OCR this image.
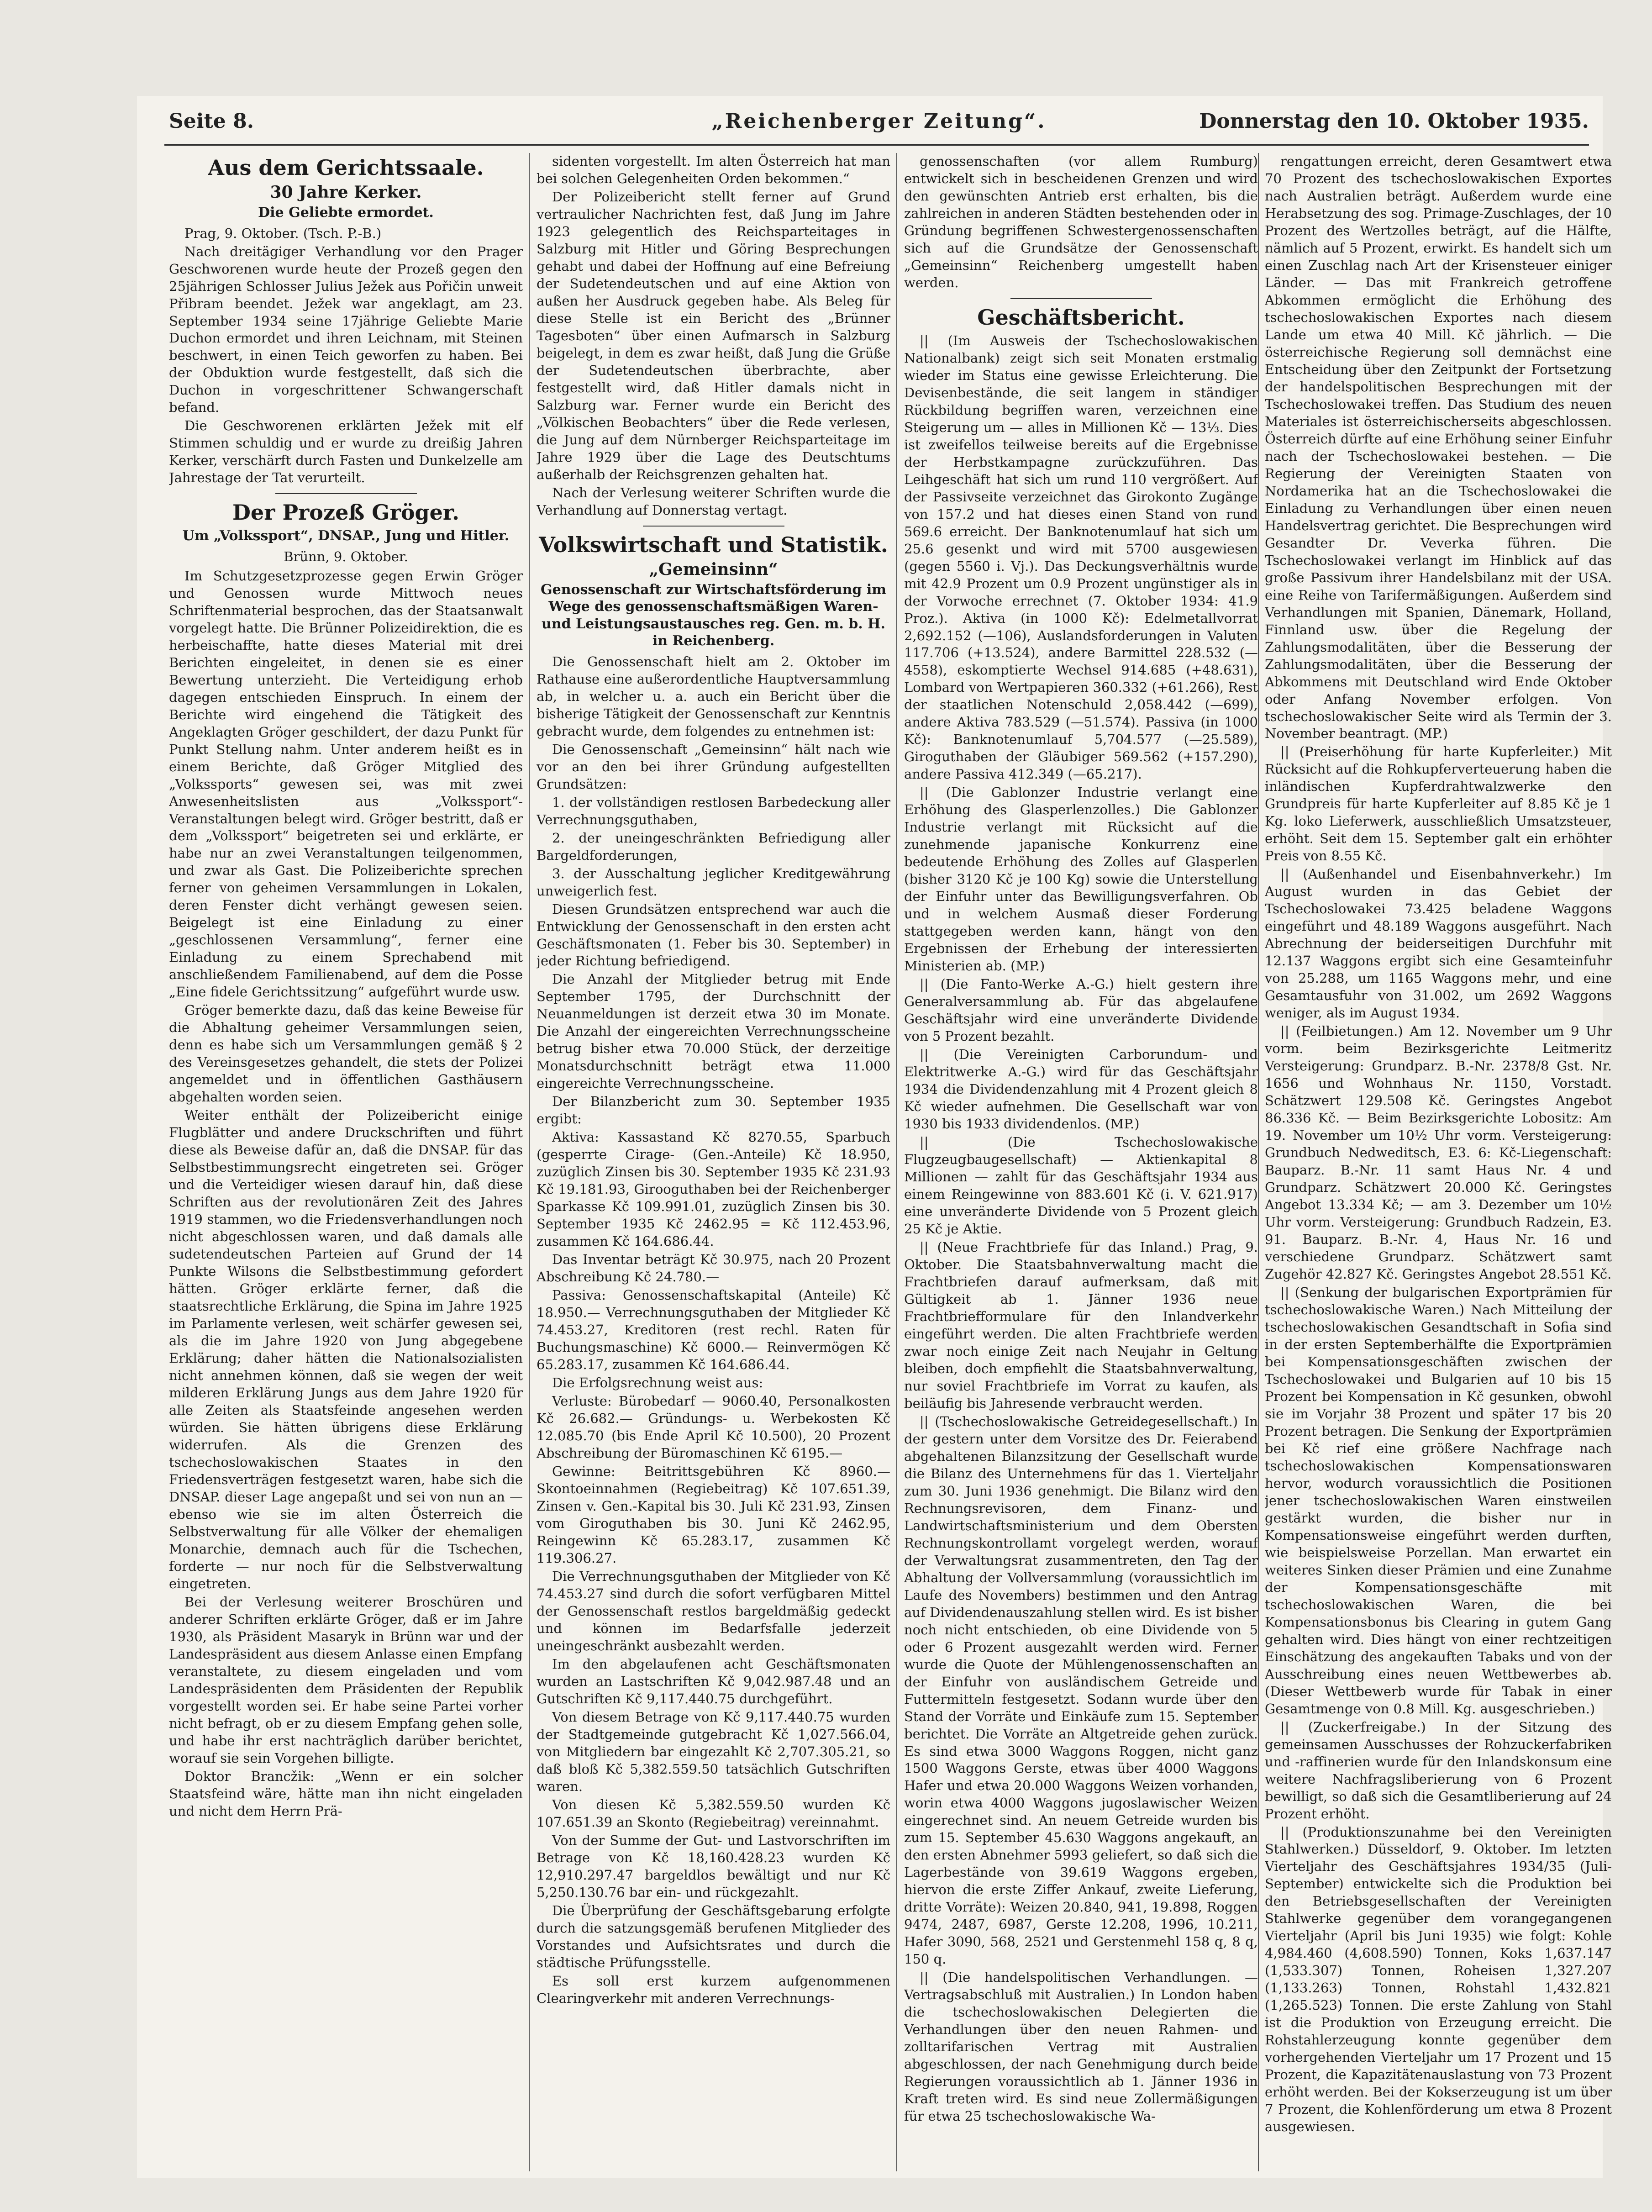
Seite 8.	„Reichenberger Zeitung“.	Donnerstag den 10. Oktober 1935.
Aus dem Gerichtssaale.
30 Jahre Kerker.
Die Geliebte ermordet.

Prag, 9. Oktober. (Tsch. P.-B.)

Nach dreitägiger Verhandlung vor den Prager Geschworenen wurde heute der Prozeß gegen den 25jährigen Schlosser Julius Ježek aus Pořičin unweit Přibram beendet. Ježek war angeklagt, am 23. September 1934 seine 17jährige Geliebte Marie Duchon ermordet und ihren Leichnam, mit Steinen beschwert, in einen Teich geworfen zu haben. Bei der Obduktion wurde festgestellt, daß sich die Duchon in vorgeschrittener Schwangerschaft befand.

Die Geschworenen erklärten Ježek mit elf Stimmen schuldig und er wurde zu dreißig Jahren Kerker, verschärft durch Fasten und Dunkelzelle am Jahrestage der Tat verurteilt.

Der Prozeß Gröger.
Um „Volkssport“, DNSAP., Jung und Hitler.
Brünn, 9. Oktober.

Im Schutzgesetzprozesse gegen Erwin Gröger und Genossen wurde Mittwoch neues Schriftenmaterial besprochen, das der Staatsanwalt vorgelegt hatte. Die Brünner Polizeidirektion, die es herbeischaffte, hatte dieses Material mit drei Berichten eingeleitet, in denen sie es einer Bewertung unterzieht. Die Verteidigung erhob dagegen entschieden Einspruch. In einem der Berichte wird eingehend die Tätigkeit des Angeklagten Gröger geschildert, der dazu Punkt für Punkt Stellung nahm. Unter anderem heißt es in einem Berichte, daß Gröger Mitglied des „Volkssports“ gewesen sei, was mit zwei Anwesenheitslisten aus „Volkssport“-Veranstaltungen belegt wird. Gröger bestritt, daß er dem „Volkssport“ beigetreten sei und erklärte, er habe nur an zwei Veranstaltungen teilgenommen, und zwar als Gast. Die Polizeiberichte sprechen ferner von geheimen Versammlungen in Lokalen, deren Fenster dicht verhängt gewesen seien. Beigelegt ist eine Einladung zu einer „geschlossenen Versammlung“, ferner eine Einladung zu einem Sprechabend mit anschließendem Familienabend, auf dem die Posse „Eine fidele Gerichtssitzung“ aufgeführt wurde usw.

Gröger bemerkte dazu, daß das keine Beweise für die Abhaltung geheimer Versammlungen seien, denn es habe sich um Versammlungen gemäß § 2 des Vereinsgesetzes gehandelt, die stets der Polizei angemeldet und in öffentlichen Gasthäusern abgehalten worden seien.

Weiter enthält der Polizeibericht einige Flugblätter und andere Druckschriften und führt diese als Beweise dafür an, daß die DNSAP. für das Selbstbestimmungsrecht eingetreten sei. Gröger und die Verteidiger wiesen darauf hin, daß diese Schriften aus der revolutionären Zeit des Jahres 1919 stammen, wo die Friedensverhandlungen noch nicht abgeschlossen waren, und daß damals alle sudetendeutschen Parteien auf Grund der 14 Punkte Wilsons die Selbstbestimmung gefordert hätten. Gröger erklärte ferner, daß die staatsrechtliche Erklärung, die Spina im Jahre 1925 im Parlamente verlesen, weit schärfer gewesen sei, als die im Jahre 1920 von Jung abgegebene Erklärung; daher hätten die Nationalsozialisten nicht annehmen können, daß sie wegen der weit milderen Erklärung Jungs aus dem Jahre 1920 für alle Zeiten als Staatsfeinde angesehen werden würden. Sie hätten übrigens diese Erklärung widerrufen. Als die Grenzen des tschechoslowakischen Staates in den Friedensverträgen festgesetzt waren, habe sich die DNSAP. dieser Lage angepaßt und sei von nun an — ebenso wie sie im alten Österreich die Selbstverwaltung für alle Völker der ehemaligen Monarchie, demnach auch für die Tschechen, forderte — nur noch für die Selbstverwaltung eingetreten.

Bei der Verlesung weiterer Broschüren und anderer Schriften erklärte Gröger, daß er im Jahre 1930, als Präsident Masaryk in Brünn war und der Landespräsident aus diesem Anlasse einen Empfang veranstaltete, zu diesem eingeladen und vom Landespräsidenten dem Präsidenten der Republik vorgestellt worden sei. Er habe seine Partei vorher nicht befragt, ob er zu diesem Empfang gehen solle, und habe ihr erst nachträglich darüber berichtet, worauf sie sein Vorgehen billigte.

Doktor Brancžik: „Wenn er ein solcher Staatsfeind wäre, hätte man ihn nicht eingeladen und nicht dem Herrn Prä-

sidenten vorgestellt. Im alten Österreich hat man bei solchen Gelegenheiten Orden bekommen.“

Der Polizeibericht stellt ferner auf Grund vertraulicher Nachrichten fest, daß Jung im Jahre 1923 gelegentlich des Reichsparteitages in Salzburg mit Hitler und Göring Besprechungen gehabt und dabei der Hoffnung auf eine Befreiung der Sudetendeutschen und auf eine Aktion von außen her Ausdruck gegeben habe. Als Beleg für diese Stelle ist ein Bericht des „Brünner Tagesboten“ über einen Aufmarsch in Salzburg beigelegt, in dem es zwar heißt, daß Jung die Grüße der Sudetendeutschen überbrachte, aber festgestellt wird, daß Hitler damals nicht in Salzburg war. Ferner wurde ein Bericht des „Völkischen Beobachters“ über die Rede verlesen, die Jung auf dem Nürnberger Reichsparteitage im Jahre 1929 über die Lage des Deutschtums außerhalb der Reichsgrenzen gehalten hat.

Nach der Verlesung weiterer Schriften wurde die Verhandlung auf Donnerstag vertagt.

Volkswirtschaft und Statistik.
„Gemeinsinn“
Genossenschaft zur Wirtschaftsförderung im Wege des genossenschaftsmäßigen Waren- und Leistungsaustausches reg. Gen. m. b. H. in Reichenberg.

Die Genossenschaft hielt am 2. Oktober im Rathause eine außerordentliche Hauptversammlung ab, in welcher u. a. auch ein Bericht über die bisherige Tätigkeit der Genossenschaft zur Kenntnis gebracht wurde, dem folgendes zu entnehmen ist:

Die Genossenschaft „Gemeinsinn“ hält nach wie vor an den bei ihrer Gründung aufgestellten Grundsätzen:

1. der vollständigen restlosen Barbedeckung aller Verrechnungsguthaben,

2. der uneingeschränkten Befriedigung aller Bargeldforderungen,

3. der Ausschaltung jeglicher Kreditgewährung unweigerlich fest.

Diesen Grundsätzen entsprechend war auch die Entwicklung der Genossenschaft in den ersten acht Geschäftsmonaten (1. Feber bis 30. September) in jeder Richtung befriedigend.

Die Anzahl der Mitglieder betrug mit Ende September 1795, der Durchschnitt der Neuanmeldungen ist derzeit etwa 30 im Monate. Die Anzahl der eingereichten Verrechnungsscheine betrug bisher etwa 70.000 Stück, der derzeitige Monatsdurchschnitt beträgt etwa 11.000 eingereichte Verrechnungsscheine.

Der Bilanzbericht zum 30. September 1935 ergibt:

Aktiva: Kassastand Kč 8270.55, Sparbuch (gesperrte Cirage- (Gen.-Anteile) Kč 18.950, zuzüglich Zinsen bis 30. September 1935 Kč 231.93 Kč 19.181.93, Girooguthaben bei der Reichenberger Sparkasse Kč 109.991.01, zuzüglich Zinsen bis 30. September 1935 Kč 2462.95 = Kč 112.453.96, zusammen Kč 164.686.44.

Das Inventar beträgt Kč 30.975, nach 20 Prozent Abschreibung Kč 24.780.—

Passiva: Genossenschaftskapital (Anteile) Kč 18.950.— Verrechnungsguthaben der Mitglieder Kč 74.453.27, Kreditoren (rest rechl. Raten für Buchungsmaschine) Kč 6000.— Reinvermögen Kč 65.283.17, zusammen Kč 164.686.44.

Die Erfolgsrechnung weist aus:

Verluste: Bürobedarf — 9060.40, Personalkosten Kč 26.682.— Gründungs- u. Werbekosten Kč 12.085.70 (bis Ende April Kč 10.500), 20 Prozent Abschreibung der Büromaschinen Kč 6195.—

Gewinne: Beitrittsgebühren Kč 8960.— Skontoeinnahmen (Regiebeitrag) Kč 107.651.39, Zinsen v. Gen.-Kapital bis 30. Juli Kč 231.93, Zinsen vom Giroguthaben bis 30. Juni Kč 2462.95, Reingewinn Kč 65.283.17, zusammen Kč 119.306.27.

Die Verrechnungsguthaben der Mitglieder von Kč 74.453.27 sind durch die sofort verfügbaren Mittel der Genossenschaft restlos bargeldmäßig gedeckt und können im Bedarfsfalle jederzeit uneingeschränkt ausbezahlt werden.

Im den abgelaufenen acht Geschäftsmonaten wurden an Lastschriften Kč 9,042.987.48 und an Gutschriften Kč 9,117.440.75 durchgeführt.

Von diesem Betrage von Kč 9,117.440.75 wurden der Stadtgemeinde gutgebracht Kč 1,027.566.04, von Mitgliedern bar eingezahlt Kč 2,707.305.21, so daß bloß Kč 5,382.559.50 tatsächlich Gutschriften waren.

Von diesen Kč 5,382.559.50 wurden Kč 107.651.39 an Skonto (Regiebeitrag) vereinnahmt.

Von der Summe der Gut- und Lastvorschriften im Betrage von Kč 18,160.428.23 wurden Kč 12,910.297.47 bargeldlos bewältigt und nur Kč 5,250.130.76 bar ein- und rückgezahlt.

Die Überprüfung der Geschäftsgebarung erfolgte durch die satzungsgemäß berufenen Mitglieder des Vorstandes und Aufsichtsrates und durch die städtische Prüfungsstelle.

Es soll erst kurzem aufgenommenen Clearingverkehr mit anderen Verrechnungs-

genossenschaften (vor allem Rumburg) entwickelt sich in bescheidenen Grenzen und wird den gewünschten Antrieb erst erhalten, bis die zahlreichen in anderen Städten bestehenden oder in Gründung begriffenen Schwestergenossenschaften sich auf die Grundsätze der Genossenschaft „Gemeinsinn“ Reichenberg umgestellt haben werden.

Geschäftsbericht.

|| (Im Ausweis der Tschechoslowakischen Nationalbank) zeigt sich seit Monaten erstmalig wieder im Status eine gewisse Erleichterung. Die Devisenbestände, die seit langem in ständiger Rückbildung begriffen waren, verzeichnen eine Steigerung um — alles in Millionen Kč — 13⅓. Dies ist zweifellos teilweise bereits auf die Ergebnisse der Herbstkampagne zurückzuführen. Das Leihgeschäft hat sich um rund 110 vergrößert. Auf der Passivseite verzeichnet das Girokonto Zugänge von 157.2 und hat dieses einen Stand von rund 569.6 erreicht. Der Banknotenumlauf hat sich um 25.6 gesenkt und wird mit 5700 ausgewiesen (gegen 5560 i. Vj.). Das Deckungsverhältnis wurde mit 42.9 Prozent um 0.9 Prozent ungünstiger als in der Vorwoche errechnet (7. Oktober 1934: 41.9 Proz.). Aktiva (in 1000 Kč): Edelmetallvorrat 2,692.152 (—106), Auslandsforderungen in Valuten 117.706 (+13.524), andere Barmittel 228.532 (—4558), eskomptierte Wechsel 914.685 (+48.631), Lombard von Wertpapieren 360.332 (+61.266), Rest der staatlichen Notenschuld 2,058.442 (—699), andere Aktiva 783.529 (—51.574). Passiva (in 1000 Kč): Banknotenumlauf 5,704.577 (—25.589), Giroguthaben der Gläubiger 569.562 (+157.290), andere Passiva 412.349 (—65.217).

|| (Die Gablonzer Industrie verlangt eine Erhöhung des Glasperlenzolles.) Die Gablonzer Industrie verlangt mit Rücksicht auf die zunehmende japanische Konkurrenz eine bedeutende Erhöhung des Zolles auf Glasperlen (bisher 3120 Kč je 100 Kg) sowie die Unterstellung der Einfuhr unter das Bewilligungsverfahren. Ob und in welchem Ausmaß dieser Forderung stattgegeben werden kann, hängt von den Ergebnissen der Erhebung der interessierten Ministerien ab. (MP.)

|| (Die Fanto-Werke A.-G.) hielt gestern ihre Generalversammlung ab. Für das abgelaufene Geschäftsjahr wird eine unveränderte Dividende von 5 Prozent bezahlt.

|| (Die Vereinigten Carborundum- und Elektritwerke A.-G.) wird für das Geschäftsjahr 1934 die Dividendenzahlung mit 4 Prozent gleich 8 Kč wieder aufnehmen. Die Gesellschaft war von 1930 bis 1933 dividendenlos. (MP.)

|| (Die Tschechoslowakische Flugzeugbaugesellschaft) — Aktienkapital 8 Millionen — zahlt für das Geschäftsjahr 1934 aus einem Reingewinne von 883.601 Kč (i. V. 621.917) eine unveränderte Dividende von 5 Prozent gleich 25 Kč je Aktie.

|| (Neue Frachtbriefe für das Inland.) Prag, 9. Oktober. Die Staatsbahnverwaltung macht die Frachtbriefen darauf aufmerksam, daß mit Gültigkeit ab 1. Jänner 1936 neue Frachtbriefformulare für den Inlandverkehr eingeführt werden. Die alten Frachtbriefe werden zwar noch einige Zeit nach Neujahr in Geltung bleiben, doch empfiehlt die Staatsbahnverwaltung, nur soviel Frachtbriefe im Vorrat zu kaufen, als beiläufig bis Jahresende verbraucht werden.

|| (Tschechoslowakische Getreidegesellschaft.) In der gestern unter dem Vorsitze des Dr. Feierabend abgehaltenen Bilanzsitzung der Gesellschaft wurde die Bilanz des Unternehmens für das 1. Vierteljahr zum 30. Juni 1936 genehmigt. Die Bilanz wird den Rechnungsrevisoren, dem Finanz- und Landwirtschaftsministerium und dem Obersten Rechnungskontrollamt vorgelegt werden, worauf der Verwaltungsrat zusammentreten, den Tag der Abhaltung der Vollversammlung (voraussichtlich im Laufe des Novembers) bestimmen und den Antrag auf Dividendenauszahlung stellen wird. Es ist bisher noch nicht entschieden, ob eine Dividende von 5 oder 6 Prozent ausgezahlt werden wird. Ferner wurde die Quote der Mühlengenossenschaften an der Einfuhr von ausländischem Getreide und Futtermitteln festgesetzt. Sodann wurde über den Stand der Vorräte und Einkäufe zum 15. September berichtet. Die Vorräte an Altgetreide gehen zurück. Es sind etwa 3000 Waggons Roggen, nicht ganz 1500 Waggons Gerste, etwas über 4000 Waggons Hafer und etwa 20.000 Waggons Weizen vorhanden, worin etwa 4000 Waggons jugoslawischer Weizen eingerechnet sind. An neuem Getreide wurden bis zum 15. September 45.630 Waggons angekauft, an den ersten Abnehmer 5993 geliefert, so daß sich die Lagerbestände von 39.619 Waggons ergeben, hiervon die erste Ziffer Ankauf, zweite Lieferung, dritte Vorräte): Weizen 20.840, 941, 19.898, Roggen 9474, 2487, 6987, Gerste 12.208, 1996, 10.211, Hafer 3090, 568, 2521 und Gerstenmehl 158 q, 8 q, 150 q.

|| (Die handelspolitischen Verhandlungen. — Vertragsabschluß mit Australien.) In London haben die tschechoslowakischen Delegierten die Verhandlungen über den neuen Rahmen- und zolltarifarischen Vertrag mit Australien abgeschlossen, der nach Genehmigung durch beide Regierungen voraussichtlich ab 1. Jänner 1936 in Kraft treten wird. Es sind neue Zollermäßigungen für etwa 25 tschechoslowakische Wa-

rengattungen erreicht, deren Gesamtwert etwa 70 Prozent des tschechoslowakischen Exportes nach Australien beträgt. Außerdem wurde eine Herabsetzung des sog. Primage-Zuschlages, der 10 Prozent des Wertzolles beträgt, auf die Hälfte, nämlich auf 5 Prozent, erwirkt. Es handelt sich um einen Zuschlag nach Art der Krisensteuer einiger Länder. — Das mit Frankreich getroffene Abkommen ermöglicht die Erhöhung des tschechoslowakischen Exportes nach diesem Lande um etwa 40 Mill. Kč jährlich. — Die österreichische Regierung soll demnächst eine Entscheidung über den Zeitpunkt der Fortsetzung der handelspolitischen Besprechungen mit der Tschechoslowakei treffen. Das Studium des neuen Materiales ist österreichischerseits abgeschlossen. Österreich dürfte auf eine Erhöhung seiner Einfuhr nach der Tschechoslowakei bestehen. — Die Regierung der Vereinigten Staaten von Nordamerika hat an die Tschechoslowakei die Einladung zu Verhandlungen über einen neuen Handelsvertrag gerichtet. Die Besprechungen wird Gesandter Dr. Veverka führen. Die Tschechoslowakei verlangt im Hinblick auf das große Passivum ihrer Handelsbilanz mit der USA. eine Reihe von Tarifermäßigungen. Außerdem sind Verhandlungen mit Spanien, Dänemark, Holland, Finnland usw. über die Regelung der Zahlungsmodalitäten, über die Besserung der Zahlungsmodalitäten, über die Besserung der Abkommens mit Deutschland wird Ende Oktober oder Anfang November erfolgen. Von tschechoslowakischer Seite wird als Termin der 3. November beantragt. (MP.)

|| (Preiserhöhung für harte Kupferleiter.) Mit Rücksicht auf die Rohkupferverteuerung haben die inländischen Kupferdrahtwalzwerke den Grundpreis für harte Kupferleiter auf 8.85 Kč je 1 Kg. loko Lieferwerk, ausschließlich Umsatzsteuer, erhöht. Seit dem 15. September galt ein erhöhter Preis von 8.55 Kč.

|| (Außenhandel und Eisenbahnverkehr.) Im August wurden in das Gebiet der Tschechoslowakei 73.425 beladene Waggons eingeführt und 48.189 Waggons ausgeführt. Nach Abrechnung der beiderseitigen Durchfuhr mit 12.137 Waggons ergibt sich eine Gesamteinfuhr von 25.288, um 1165 Waggons mehr, und eine Gesamtausfuhr von 31.002, um 2692 Waggons weniger, als im August 1934.

|| (Feilbietungen.) Am 12. November um 9 Uhr vorm. beim Bezirksgerichte Leitmeritz Versteigerung: Grundparz. B.-Nr. 2378/8 Gst. Nr. 1656 und Wohnhaus Nr. 1150, Vorstadt. Schätzwert 129.508 Kč. Geringstes Angebot 86.336 Kč. — Beim Bezirksgerichte Lobositz: Am 19. November um 10½ Uhr vorm. Versteigerung: Grundbuch Nedweditsch, E3. 6: Kč-Liegenschaft: Bauparz. B.-Nr. 11 samt Haus Nr. 4 und Grundparz. Schätzwert 20.000 Kč. Geringstes Angebot 13.334 Kč; — am 3. Dezember um 10½ Uhr vorm. Versteigerung: Grundbuch Radzein, E3. 91. Bauparz. B.-Nr. 4, Haus Nr. 16 und verschiedene Grundparz. Schätzwert samt Zugehör 42.827 Kč. Geringstes Angebot 28.551 Kč.

|| (Senkung der bulgarischen Exportprämien für tschechoslowakische Waren.) Nach Mitteilung der tschechoslowakischen Gesandtschaft in Sofia sind in der ersten Septemberhälfte die Exportprämien bei Kompensationsgeschäften zwischen der Tschechoslowakei und Bulgarien auf 10 bis 15 Prozent bei Kompensation in Kč gesunken, obwohl sie im Vorjahr 38 Prozent und später 17 bis 20 Prozent betragen. Die Senkung der Exportprämien bei Kč rief eine größere Nachfrage nach tschechoslowakischen Kompensationswaren hervor, wodurch voraussichtlich die Positionen jener tschechoslowakischen Waren einstweilen gestärkt wurden, die bisher nur in Kompensationsweise eingeführt werden durften, wie beispielsweise Porzellan. Man erwartet ein weiteres Sinken dieser Prämien und eine Zunahme der Kompensationsgeschäfte mit tschechoslowakischen Waren, die bei Kompensationsbonus bis Clearing in gutem Gang gehalten wird. Dies hängt von einer rechtzeitigen Einschätzung des angekauften Tabaks und von der Ausschreibung eines neuen Wettbewerbes ab. (Dieser Wettbewerb wurde für Tabak in einer Gesamtmenge von 0.8 Mill. Kg. ausgeschrieben.)

|| (Zuckerfreigabe.) In der Sitzung des gemeinsamen Ausschusses der Rohzuckerfabriken und -raffinerien wurde für den Inlandskonsum eine weitere Nachfragsliberierung von 6 Prozent bewilligt, so daß sich die Gesamtliberierung auf 24 Prozent erhöht.

|| (Produktionszunahme bei den Vereinigten Stahlwerken.) Düsseldorf, 9. Oktober. Im letzten Vierteljahr des Geschäftsjahres 1934/35 (Juli-September) entwickelte sich die Produktion bei den Betriebsgesellschaften der Vereinigten Stahlwerke gegenüber dem vorangegangenen Vierteljahr (April bis Juni 1935) wie folgt: Kohle 4,984.460 (4,608.590) Tonnen, Koks 1,637.147 (1,533.307) Tonnen, Roheisen 1,327.207 (1,133.263) Tonnen, Rohstahl 1,432.821 (1,265.523) Tonnen. Die erste Zahlung von Stahl ist die Produktion von Erzeugung erreicht. Die Rohstahlerzeugung konnte gegenüber dem vorhergehenden Vierteljahr um 17 Prozent und 15 Prozent, die Kapazitätenauslastung von 73 Prozent erhöht werden. Bei der Kokserzeugung ist um über 7 Prozent, die Kohlenförderung um etwa 8 Prozent ausgewiesen.
